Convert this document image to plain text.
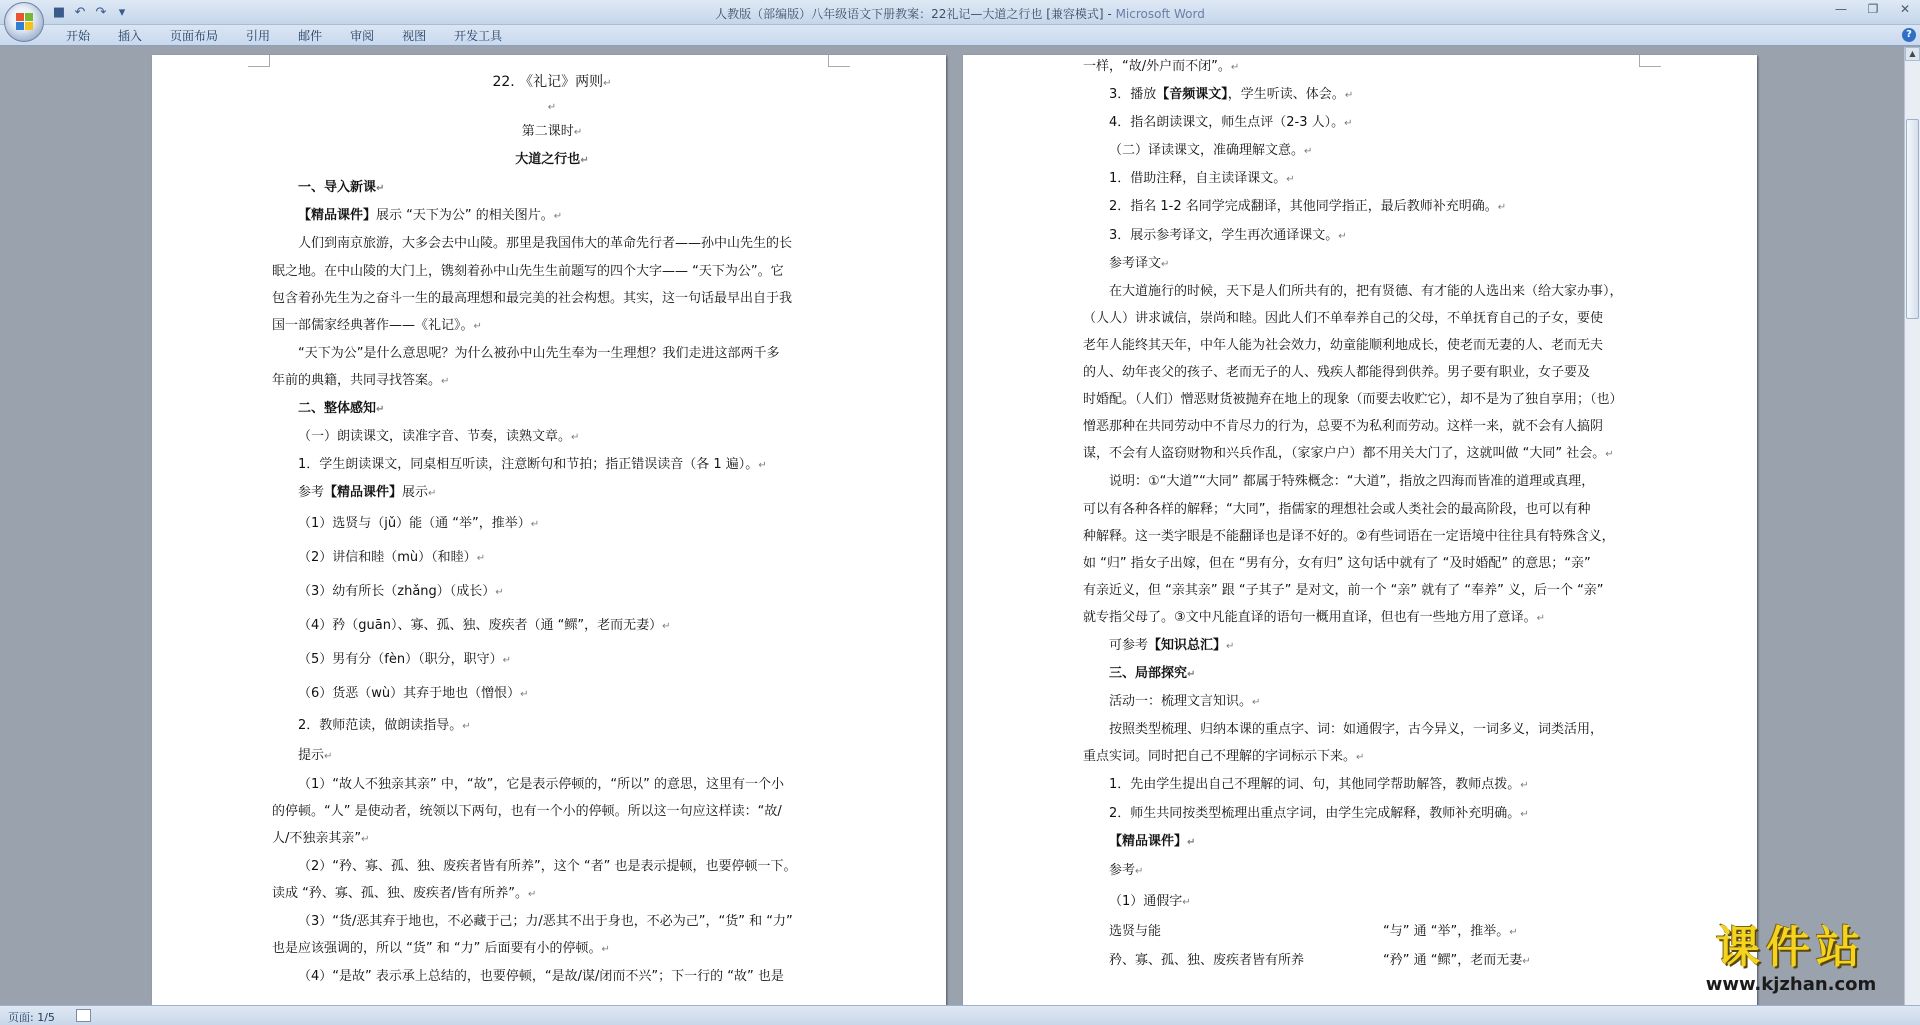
■ ↶ ↷ ▾	人教版（部编版）八年级语文下册教案：22礼记—大道之行也 [兼容模式] - Microsoft Word	—	❐	✕
开始	插入	页面布局	引用	邮件	审阅	视图	开发工具	?

22. 《礼记》两则↵

↵

第二课时↵

大道之行也↵

一、导入新课↵

【精品课件】展示 “天下为公” 的相关图片。↵

人们到南京旅游，大多会去中山陵。那里是我国伟大的革命先行者——孙中山先生的长

眠之地。在中山陵的大门上，镌刻着孙中山先生生前题写的四个大字—— “天下为公”。它

包含着孙先生为之奋斗一生的最高理想和最完美的社会构想。其实，这一句话最早出自于我

国一部儒家经典著作——《礼记》。↵

“天下为公”是什么意思呢？为什么被孙中山先生奉为一生理想？我们走进这部两千多

年前的典籍，共同寻找答案。↵

二、整体感知↵

（一）朗读课文，读准字音、节奏，读熟文章。↵

1．学生朗读课文，同桌相互听读，注意断句和节拍；指正错误读音（各 1 遍）。↵

参考【精品课件】展示↵

（1）选贤与（jǔ）能（通 “举”，推举）↵

（2）讲信和睦（mù）（和睦）↵

（3）幼有所长（zhǎng）（成长）↵

（4）矜（guān）、寡、孤、独、废疾者（通 “鳏”，老而无妻）↵

（5）男有分（fèn）（职分，职守）↵

（6）货恶（wù）其弃于地也（憎恨）↵

2．教师范读，做朗读指导。↵

提示↵

（1）“故人不独亲其亲” 中，“故”，它是表示停顿的，“所以” 的意思，这里有一个小

的停顿。“人” 是使动者，统领以下两句，也有一个小的停顿。所以这一句应这样读：“故/

人/不独亲其亲”↵

（2）“矜、寡、孤、独、废疾者皆有所养”，这个 “者” 也是表示提顿，也要停顿一下。

读成 “矜、寡、孤、独、废疾者/皆有所养”。↵

（3）“货/恶其弃于地也，不必藏于己；力/恶其不出于身也，不必为己”，“货” 和 “力”

也是应该强调的，所以 “货” 和 “力” 后面要有小的停顿。↵

（4）“是故” 表示承上总结的，也要停顿，“是故/谋/闭而不兴”；下一行的 “故” 也是

一样，“故/外户而不闭”。↵

3．播放【音频课文】，学生听读、体会。↵

4．指名朗读课文，师生点评（2-3 人）。↵

（二）译读课文，准确理解文意。↵

1．借助注释，自主读译课文。↵

2．指名 1-2 名同学完成翻译，其他同学指正，最后教师补充明确。↵

3．展示参考译文，学生再次通译课文。↵

参考译文↵

在大道施行的时候，天下是人们所共有的，把有贤德、有才能的人选出来（给大家办事），

（人人）讲求诚信，崇尚和睦。因此人们不单奉养自己的父母，不单抚育自己的子女，要使

老年人能终其天年，中年人能为社会效力，幼童能顺利地成长，使老而无妻的人、老而无夫

的人、幼年丧父的孩子、老而无子的人、残疾人都能得到供养。男子要有职业，女子要及

时婚配。（人们）憎恶财货被抛弃在地上的现象（而要去收贮它），却不是为了独自享用；（也）

憎恶那种在共同劳动中不肯尽力的行为，总要不为私利而劳动。这样一来，就不会有人搞阴

谋，不会有人盗窃财物和兴兵作乱，（家家户户）都不用关大门了，这就叫做 “大同” 社会。↵

说明：①“大道”“大同” 都属于特殊概念：“大道”，指放之四海而皆准的道理或真理，

可以有各种各样的解释；“大同”，指儒家的理想社会或人类社会的最高阶段，也可以有种

种解释。这一类字眼是不能翻译也是译不好的。②有些词语在一定语境中往往具有特殊含义，

如 “归” 指女子出嫁，但在 “男有分，女有归” 这句话中就有了 “及时婚配” 的意思；“亲”

有亲近义，但 “亲其亲” 跟 “子其子” 是对文，前一个 “亲” 就有了 “奉养” 义，后一个 “亲”

就专指父母了。③文中凡能直译的语句一概用直译，但也有一些地方用了意译。↵

可参考【知识总汇】↵

三、局部探究↵

活动一：梳理文言知识。↵

按照类型梳理、归纳本课的重点字、词：如通假字，古今异义，一词多义，词类活用，

重点实词。同时把自己不理解的字词标示下来。↵

1．先由学生提出自己不理解的词、句，其他同学帮助解答，教师点拨。↵

2．师生共同按类型梳理出重点字词，由学生完成解释，教师补充明确。↵

【精品课件】↵

参考↵

（1）通假字↵

选贤与能	“与” 通 “举”，推举。↵

矜、寡、孤、独、废疾者皆有所养	“矜” 通 “鳏”，老而无妻↵

▲
页面: 1/5
课件站
www.kjzhan.com
